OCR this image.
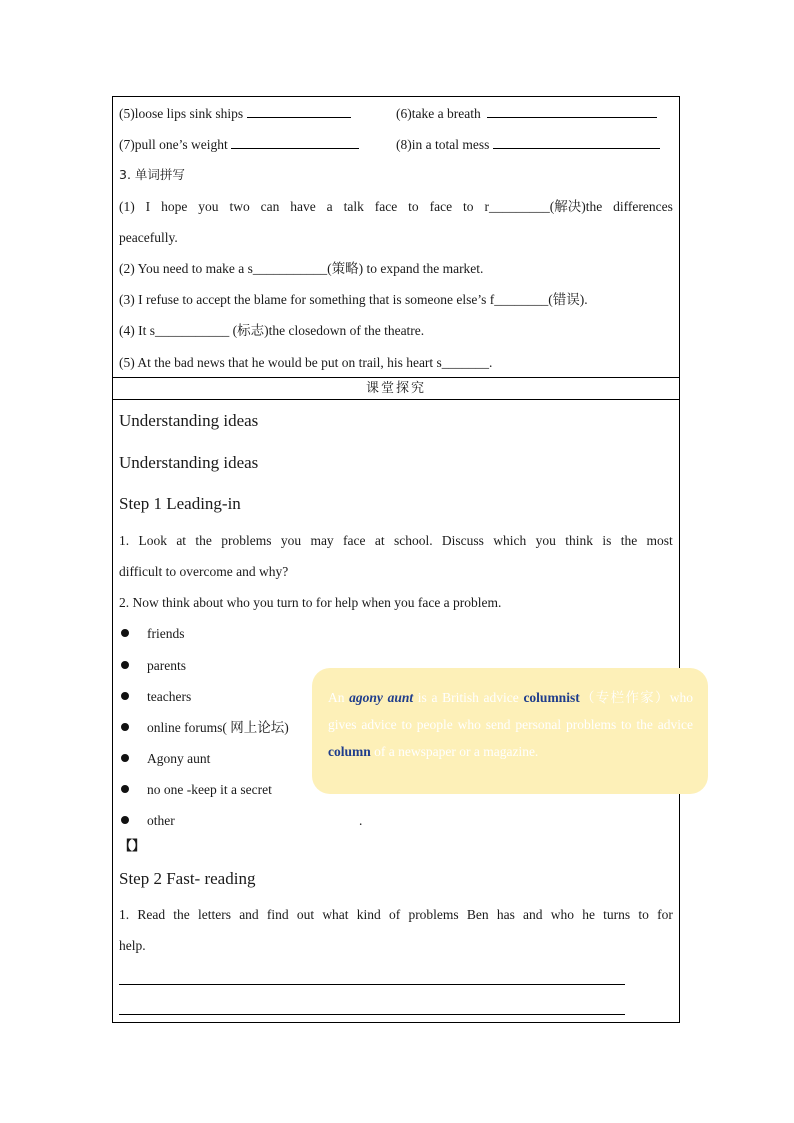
(5)loose lips sink ships	(6)take a breath
(7)pull one’s weight	(8)in a total mess
3. 单词拼写
(1) I hope you two can have a talk face to face to r_________(解决)the differences
peacefully.
(2) You need to make a s___________(策略) to expand the market.
(3) I refuse to accept the blame for something that is someone else’s f________(错误).
(4) It s___________ (标志)the closedown of the theatre.
(5) At the bad news that he would be put on trail, his heart s_______.
课堂探究
Understanding ideas
Understanding ideas
Step 1 Leading-in
1. Look at the problems you may face at school. Discuss which you think is the most
difficult to overcome and why?
2. Now think about who you turn to for help when you face a problem.
friends
parents
teachers
online forums( 网上论坛)
Agony aunt
no one -keep it a secret
other	.
【】
Step 2 Fast- reading
1. Read the letters and find out what kind of problems Ben has and who he turns to for
help.
An agony aunt is a British advice columnist（专栏作家）who gives advice to people who send personal problems to the advice column of a newspaper or a magazine.
